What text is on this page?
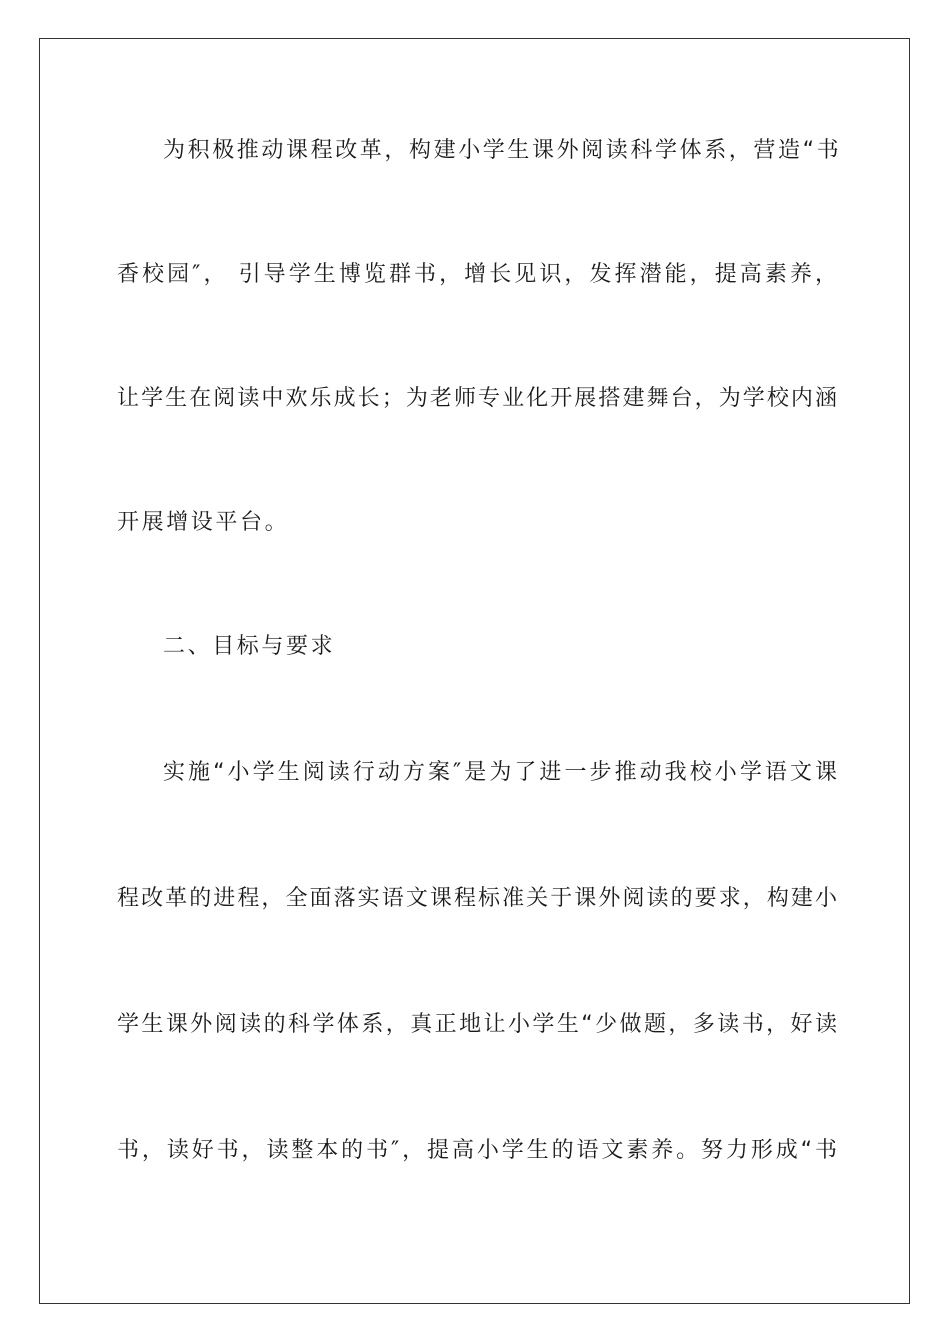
为积极推动课程改革，构建小学生课外阅读科学体系，营造“书
香校园″， 引导学生博览群书，增长见识，发挥潜能，提高素养，
让学生在阅读中欢乐成长；为老师专业化开展搭建舞台，为学校内涵
开展增设平台。
二、目标与要求
实施“小学生阅读行动方案″是为了进一步推动我校小学语文课
程改革的进程，全面落实语文课程标准关于课外阅读的要求，构建小
学生课外阅读的科学体系，真正地让小学生“少做题，多读书，好读
书，读好书，读整本的书″，提高小学生的语文素养。努力形成“书
